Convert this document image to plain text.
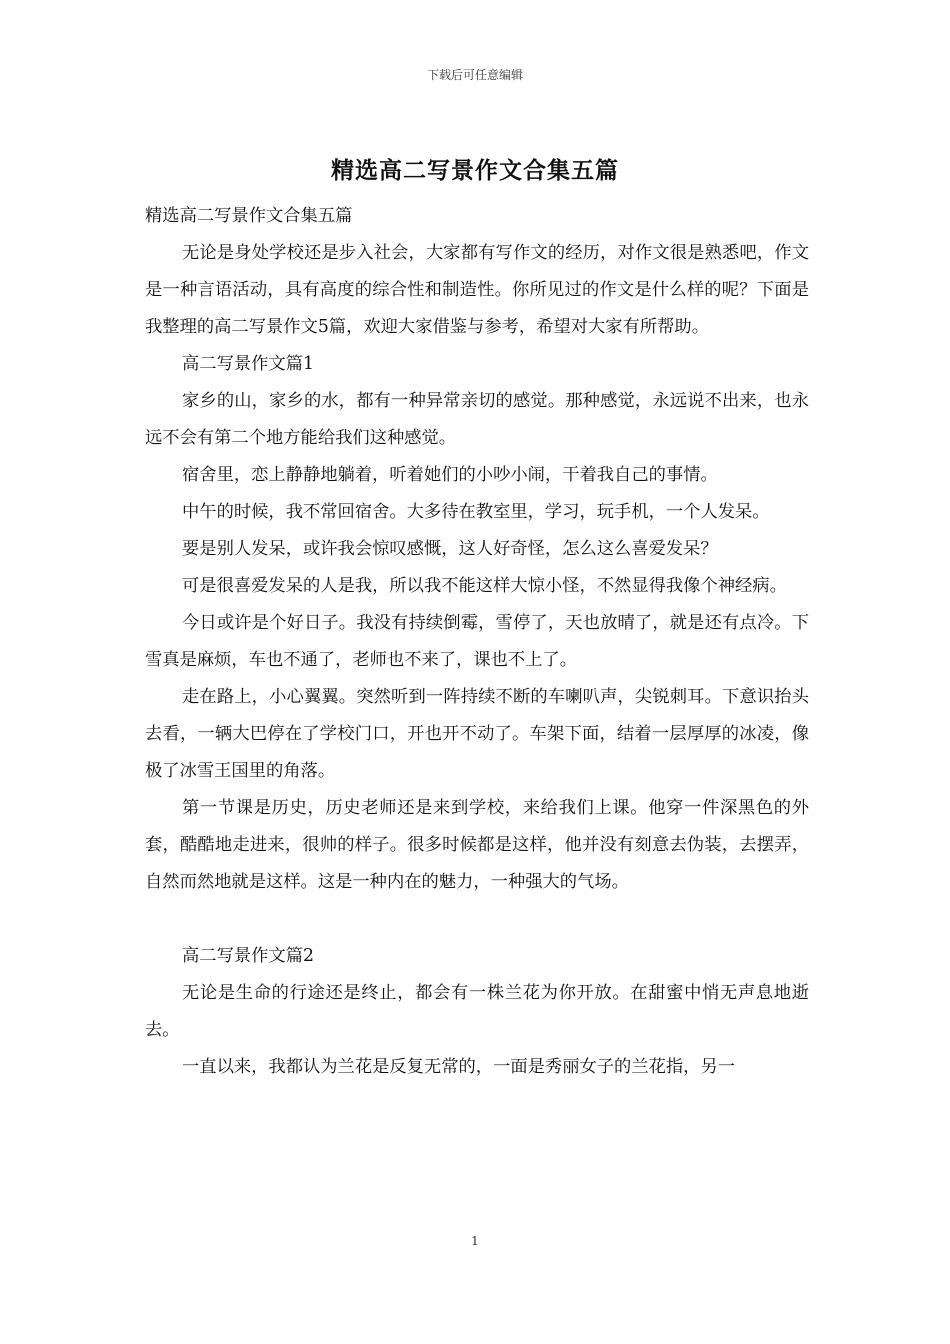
下载后可任意编辑
精选高二写景作文合集五篇

精选高二写景作文合集五篇

无论是身处学校还是步入社会，大家都有写作文的经历，对作文很是熟悉吧，作文是一种言语活动，具有高度的综合性和制造性。你所见过的作文是什么样的呢？下面是我整理的高二写景作文5篇，欢迎大家借鉴与参考，希望对大家有所帮助。

高二写景作文篇1

家乡的山，家乡的水，都有一种异常亲切的感觉。那种感觉，永远说不出来，也永远不会有第二个地方能给我们这种感觉。

宿舍里，恋上静静地躺着，听着她们的小吵小闹，干着我自己的事情。

中午的时候，我不常回宿舍。大多待在教室里，学习，玩手机，一个人发呆。

要是别人发呆，或许我会惊叹感慨，这人好奇怪，怎么这么喜爱发呆？

可是很喜爱发呆的人是我，所以我不能这样大惊小怪，不然显得我像个神经病。

今日或许是个好日子。我没有持续倒霉，雪停了，天也放晴了，就是还有点冷。下雪真是麻烦，车也不通了，老师也不来了，课也不上了。

走在路上，小心翼翼。突然听到一阵持续不断的车喇叭声，尖锐刺耳。下意识抬头去看，一辆大巴停在了学校门口，开也开不动了。车架下面，结着一层厚厚的冰凌，像极了冰雪王国里的角落。

第一节课是历史，历史老师还是来到学校，来给我们上课。他穿一件深黑色的外套，酷酷地走进来，很帅的样子。很多时候都是这样，他并没有刻意去伪装，去摆弄，自然而然地就是这样。这是一种内在的魅力，一种强大的气场。

高二写景作文篇2

无论是生命的行途还是终止，都会有一株兰花为你开放。在甜蜜中悄无声息地逝去。

一直以来，我都认为兰花是反复无常的，一面是秀丽女子的兰花指，另一

1
